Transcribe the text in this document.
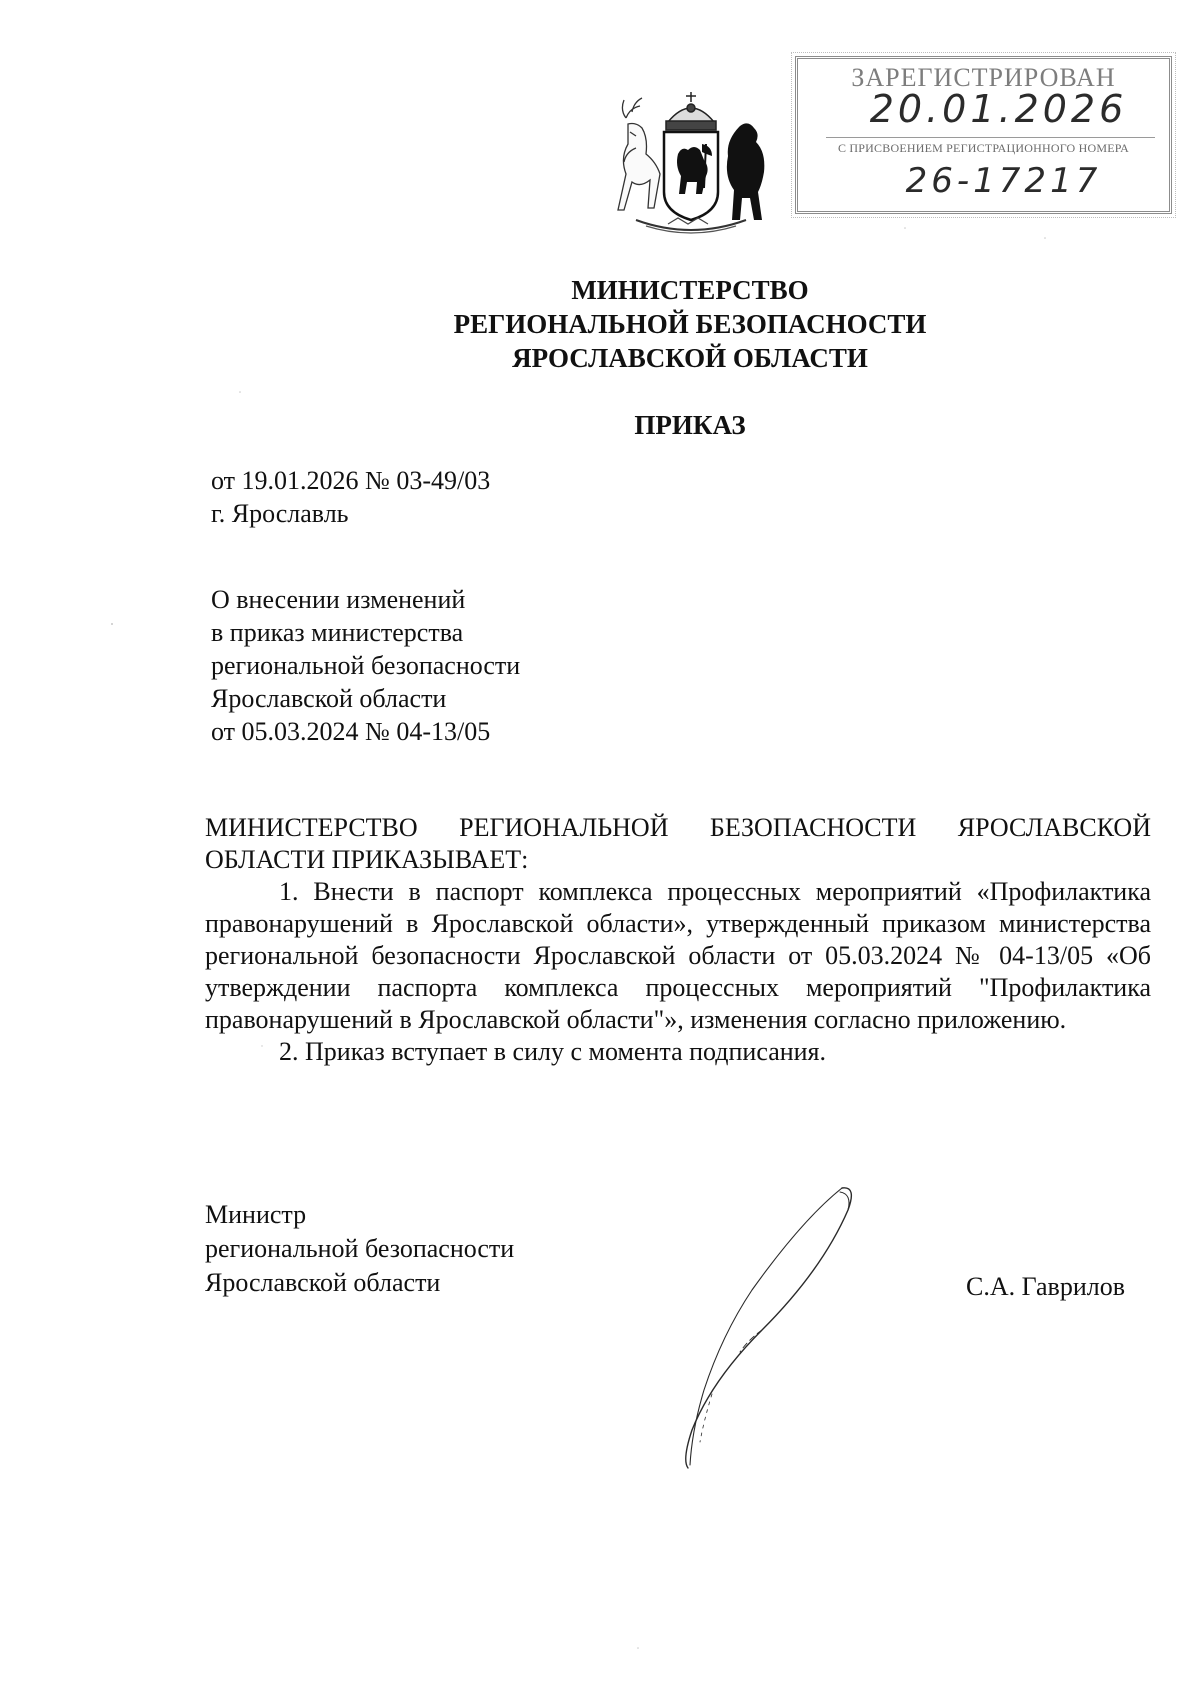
ЗАРЕГИСТРИРОВАН
20.01.2026
С ПРИСВОЕНИЕМ РЕГИСТРАЦИОННОГО НОМЕРА
26-17217
МИНИСТЕРСТВО
РЕГИОНАЛЬНОЙ БЕЗОПАСНОСТИ
ЯРОСЛАВСКОЙ ОБЛАСТИ
ПРИКАЗ
от 19.01.2026 № 03-49/03
г. Ярославль
О внесении изменений
в приказ министерства
региональной безопасности
Ярославской области
от 05.03.2024 № 04-13/05
МИНИСТЕРСТВО РЕГИОНАЛЬНОЙ БЕЗОПАСНОСТИ ЯРОСЛАВСКОЙ ОБЛАСТИ ПРИКАЗЫВАЕТ:
1. Внести в паспорт комплекса процессных мероприятий «Профилактика правонарушений в Ярославской области», утвержденный приказом министерства региональной безопасности Ярославской области от 05.03.2024 № 04-13/05 «Об утверждении паспорта комплекса процессных мероприятий "Профилактика правонарушений в Ярославской области"», изменения согласно приложению.
2. Приказ вступает в силу с момента подписания.
Министр
региональной безопасности
Ярославской области	С.А. Гаврилов
